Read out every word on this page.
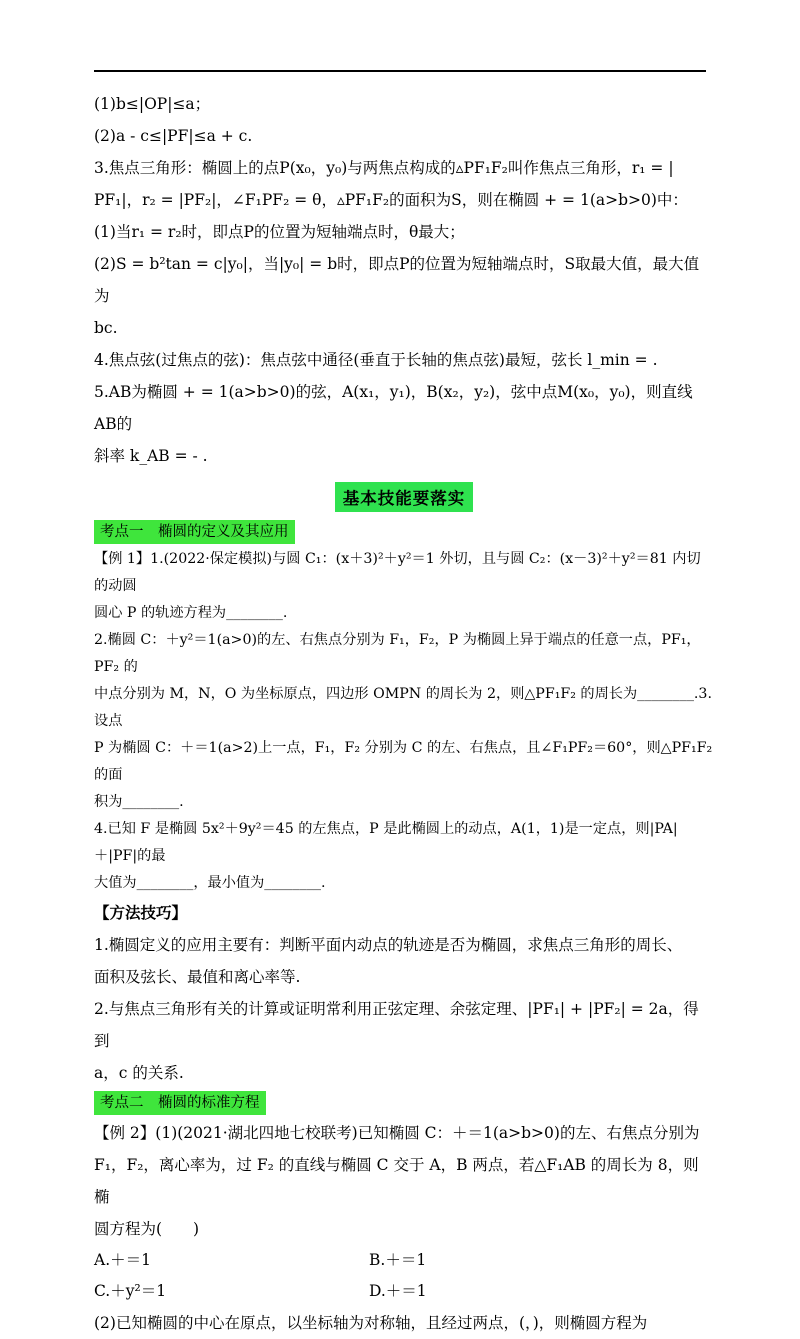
(1)b≤|OP|≤a；

(2)a - c≤|PF|≤a + c.

3.焦点三角形：椭圆上的点P(x₀，y₀)与两焦点构成的▵PF₁F₂叫作焦点三角形，r₁ = |

PF₁|，r₂ = |PF₂|，∠F₁PF₂ = θ，▵PF₁F₂的面积为S，则在椭圆 + = 1(a>b>0)中：

(1)当r₁ = r₂时，即点P的位置为短轴端点时，θ最大；

(2)S = b²tan = c|y₀|，当|y₀| = b时，即点P的位置为短轴端点时，S取最大值，最大值为

bc.

4.焦点弦(过焦点的弦)：焦点弦中通径(垂直于长轴的焦点弦)最短，弦长 l_min = .

5.AB为椭圆 + = 1(a>b>0)的弦，A(x₁，y₁)，B(x₂，y₂)，弦中点M(x₀，y₀)，则直线AB的

斜率 k_AB = - .

基本技能要落实
考点一　椭圆的定义及其应用

【例 1】1.(2022·保定模拟)与圆 C₁：(x＋3)²＋y²＝1 外切，且与圆 C₂：(x－3)²＋y²＝81 内切的动圆

圆心 P 的轨迹方程为________.

2.椭圆 C：＋y²＝1(a>0)的左、右焦点分别为 F₁，F₂，P 为椭圆上异于端点的任意一点，PF₁，PF₂ 的

中点分别为 M，N，O 为坐标原点，四边形 OMPN 的周长为 2，则△PF₁F₂ 的周长为________.3.设点

P 为椭圆 C：＋＝1(a>2)上一点，F₁，F₂ 分别为 C 的左、右焦点，且∠F₁PF₂＝60°，则△PF₁F₂ 的面

积为________.

4.已知 F 是椭圆 5x²＋9y²＝45 的左焦点，P 是此椭圆上的动点，A(1，1)是一定点，则|PA|＋|PF|的最

大值为________，最小值为________.

【方法技巧】

1.椭圆定义的应用主要有：判断平面内动点的轨迹是否为椭圆，求焦点三角形的周长、

面积及弦长、最值和离心率等.

2.与焦点三角形有关的计算或证明常利用正弦定理、余弦定理、|PF₁| + |PF₂| = 2a，得到

a，c 的关系.

考点二　椭圆的标准方程

【例 2】(1)(2021·湖北四地七校联考)已知椭圆 C：＋＝1(a>b>0)的左、右焦点分别为

F₁，F₂，离心率为，过 F₂ 的直线与椭圆 C 交于 A，B 两点，若△F₁AB 的周长为 8，则椭

圆方程为(　　)

A.＋＝1	B.＋＝1
C.＋y²＝1	D.＋＝1

(2)已知椭圆的中心在原点，以坐标轴为对称轴，且经过两点，(，)，则椭圆方程为
